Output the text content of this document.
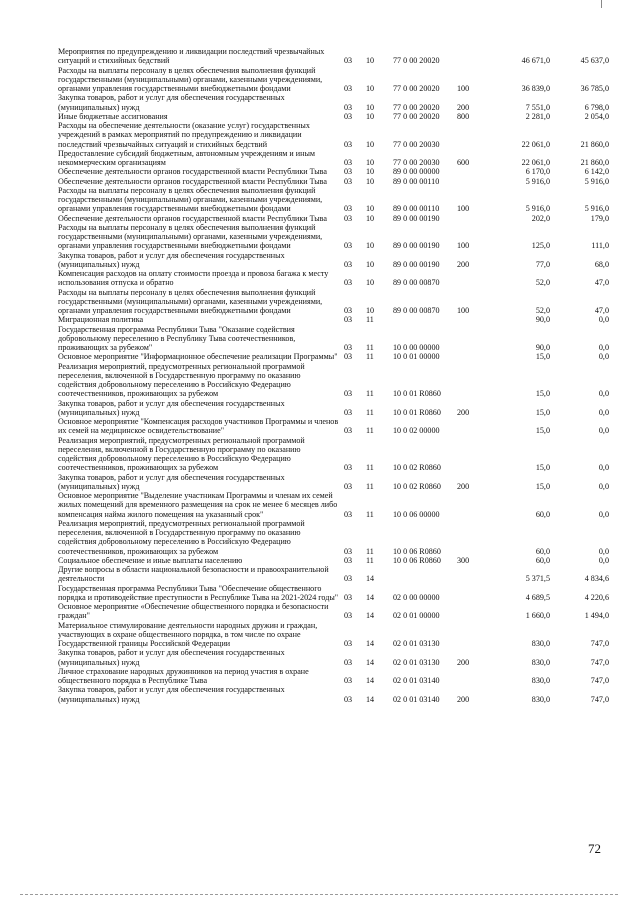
Мероприятия по предупреждению и ликвидации последствий чрезвычайных ситуаций и стихийных бедствий	03	10	77 0 00 20020		46 671,0	45 637,0
Расходы на выплаты персоналу в целях обеспечения выполнения функций государственными (муниципальными) органами, казенными учреждениями, органами управления государственными внебюджетными фондами	03	10	77 0 00 20020	100	36 839,0	36 785,0
Закупка товаров, работ и услуг для обеспечения государственных (муниципальных) нужд	03	10	77 0 00 20020	200	7 551,0	6 798,0
Иные бюджетные ассигнования	03	10	77 0 00 20020	800	2 281,0	2 054,0
Расходы на обеспечение деятельности (оказание услуг) государственных учреждений в рамках мероприятий по предупреждению и ликвидации последствий чрезвычайных ситуаций и стихийных бедствий	03	10	77 0 00 20030		22 061,0	21 860,0
Предоставление субсидий бюджетным, автономным учреждениям и иным некоммерческим организациям	03	10	77 0 00 20030	600	22 061,0	21 860,0
Обеспечение деятельности органов государственной власти Республики Тыва	03	10	89 0 00 00000		6 170,0	6 142,0
Обеспечение деятельности органов государственной власти Республики Тыва	03	10	89 0 00 00110		5 916,0	5 916,0
Расходы на выплаты персоналу в целях обеспечения выполнения функций государственными (муниципальными) органами, казенными учреждениями, органами управления государственными внебюджетными фондами	03	10	89 0 00 00110	100	5 916,0	5 916,0
Обеспечение деятельности органов государственной власти Республики Тыва	03	10	89 0 00 00190		202,0	179,0
Расходы на выплаты персоналу в целях обеспечения выполнения функций государственными (муниципальными) органами, казенными учреждениями, органами управления государственными внебюджетными фондами	03	10	89 0 00 00190	100	125,0	111,0
Закупка товаров, работ и услуг для обеспечения государственных (муниципальных) нужд	03	10	89 0 00 00190	200	77,0	68,0
Компенсация расходов на оплату стоимости проезда и провоза багажа к месту использования отпуска и обратно	03	10	89 0 00 00870		52,0	47,0
Расходы на выплаты персоналу в целях обеспечения выполнения функций государственными (муниципальными) органами, казенными учреждениями, органами управления государственными внебюджетными фондами	03	10	89 0 00 00870	100	52,0	47,0
Миграционная политика	03	11			90,0	0,0
Государственная программа Республики Тыва "Оказание содействия добровольному переселению в Республику Тыва соотечественников, проживающих за рубежом"	03	11	10 0 00 00000		90,0	0,0
Основное мероприятие "Информационное обеспечение реализации Программы"	03	11	10 0 01 00000		15,0	0,0
Реализация мероприятий, предусмотренных региональной программой переселения, включенной в Государственную программу по оказанию содействия добровольному переселению в Российскую Федерацию соотечественников, проживающих за рубежом	03	11	10 0 01 R0860		15,0	0,0
Закупка товаров, работ и услуг для обеспечения государственных (муниципальных) нужд	03	11	10 0 01 R0860	200	15,0	0,0
Основное мероприятие "Компенсация расходов участников Программы и членов их семей на медицинское освидетельствование"	03	11	10 0 02 00000		15,0	0,0
Реализация мероприятий, предусмотренных региональной программой переселения, включенной в Государственную программу по оказанию содействия добровольному переселению в Российскую Федерацию соотечественников, проживающих за рубежом	03	11	10 0 02 R0860		15,0	0,0
Закупка товаров, работ и услуг для обеспечения государственных (муниципальных) нужд	03	11	10 0 02 R0860	200	15,0	0,0
Основное мероприятие "Выделение участникам Программы и членам их семей жилых помещений для временного размещения на срок не менее 6 месяцев либо компенсация найма жилого помещения на указанный срок"	03	11	10 0 06 00000		60,0	0,0
Реализация мероприятий, предусмотренных региональной программой переселения, включенной в Государственную программу по оказанию содействия добровольному переселению в Российскую Федерацию соотечественников, проживающих за рубежом	03	11	10 0 06 R0860		60,0	0,0
Социальное обеспечение и иные выплаты населению	03	11	10 0 06 R0860	300	60,0	0,0
Другие вопросы в области национальной безопасности и правоохранительной деятельности	03	14			5 371,5	4 834,6
Государственная программа Республики Тыва "Обеспечение общественного порядка и противодействие преступности в Республике Тыва на 2021-2024 годы"	03	14	02 0 00 00000		4 689,5	4 220,6
Основное мероприятие «Обеспечение общественного порядка и безопасности граждан"	03	14	02 0 01 00000		1 660,0	1 494,0
Материальное стимулирование деятельности народных дружин и граждан, участвующих в охране общественного порядка, в том числе по охране Государственной границы Российской Федерации	03	14	02 0 01 03130		830,0	747,0
Закупка товаров, работ и услуг для обеспечения государственных (муниципальных) нужд	03	14	02 0 01 03130	200	830,0	747,0
Личное страхование народных дружинников на период участия в охране общественного порядка в Республике Тыва	03	14	02 0 01 03140		830,0	747,0
Закупка товаров, работ и услуг для обеспечения государственных (муниципальных) нужд	03	14	02 0 01 03140	200	830,0	747,0
72
